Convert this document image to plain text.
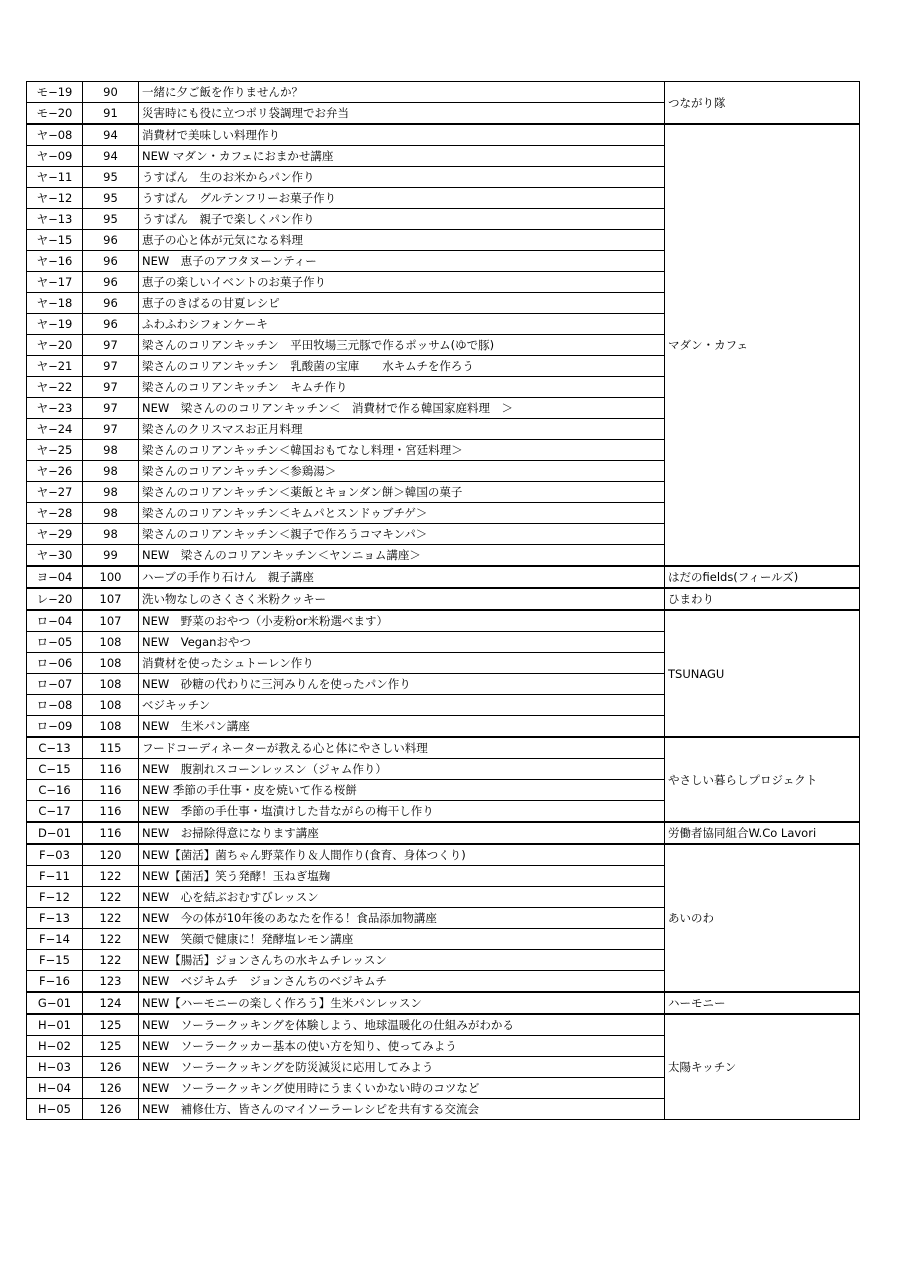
モ−19	90	一緒に夕ご飯を作りませんか？	つながり隊
モ−20	91	災害時にも役に立つポリ袋調理でお弁当	
ヤ−08	94	消費材で美味しい料理作り	マダン・カフェ
ヤ−09	94	NEW マダン・カフェにおまかせ講座	
ヤ−11	95	うすぱん　生のお米からパン作り	
ヤ−12	95	うすぱん　グルテンフリーお菓子作り	
ヤ−13	95	うすぱん　親子で楽しくパン作り	
ヤ−15	96	恵子の心と体が元気になる料理	
ヤ−16	96	NEW　恵子のアフタヌーンティー	
ヤ−17	96	恵子の楽しいイベントのお菓子作り	
ヤ−18	96	恵子のきぱるの甘夏レシピ	
ヤ−19	96	ふわふわシフォンケーキ	
ヤ−20	97	梁さんのコリアンキッチン　平田牧場三元豚で作るポッサム(ゆで豚)	
ヤ−21	97	梁さんのコリアンキッチン　乳酸菌の宝庫　　水キムチを作ろう	
ヤ−22	97	梁さんのコリアンキッチン　キムチ作り	
ヤ−23	97	NEW　梁さんののコリアンキッチン＜　消費材で作る韓国家庭料理　＞	
ヤ−24	97	梁さんのクリスマスお正月料理	
ヤ−25	98	梁さんのコリアンキッチン＜韓国おもてなし料理・宮廷料理＞	
ヤ−26	98	梁さんのコリアンキッチン＜参鶏湯＞	
ヤ−27	98	梁さんのコリアンキッチン＜薬飯とキョンダン餅＞韓国の菓子	
ヤ−28	98	梁さんのコリアンキッチン＜キムパとスンドゥブチゲ＞	
ヤ−29	98	梁さんのコリアンキッチン＜親子で作ろうコマキンパ＞	
ヤ−30	99	NEW　梁さんのコリアンキッチン＜ヤンニョム講座＞	
ヨ−04	100	ハーブの手作り石けん　親子講座	はだのfields(フィールズ)
レ−20	107	洗い物なしのさくさく米粉クッキー	ひまわり
ロ−04	107	NEW　野菜のおやつ（小麦粉or米粉選べます）	TSUNAGU
ロ−05	108	NEW　Veganおやつ	
ロ−06	108	消費材を使ったシュトーレン作り	
ロ−07	108	NEW　砂糖の代わりに三河みりんを使ったパン作り	
ロ−08	108	ベジキッチン	
ロ−09	108	NEW　生米パン講座	
C−13	115	フードコーディネーターが教える心と体にやさしい料理	やさしい暮らしプロジェクト
C−15	116	NEW　腹割れスコーンレッスン（ジャム作り）	
C−16	116	NEW 季節の手仕事・皮を焼いて作る桜餅	
C−17	116	NEW　季節の手仕事・塩漬けした昔ながらの梅干し作り	
D−01	116	NEW　お掃除得意になります講座	労働者協同組合W.Co Lavori
F−03	120	NEW【菌活】菌ちゃん野菜作り＆人間作り(食育、身体つくり)	あいのわ
F−11	122	NEW【菌活】笑う発酵！玉ねぎ塩麹	
F−12	122	NEW　心を結ぶおむすびレッスン	
F−13	122	NEW　今の体が10年後のあなたを作る！食品添加物講座	
F−14	122	NEW　笑顔で健康に！発酵塩レモン講座	
F−15	122	NEW【腸活】ジョンさんちの水キムチレッスン	
F−16	123	NEW　ベジキムチ　ジョンさんちのベジキムチ	
G−01	124	NEW【ハーモニーの楽しく作ろう】生米パンレッスン	ハーモニー
H−01	125	NEW　ソーラークッキングを体験しよう、地球温暖化の仕組みがわかる	太陽キッチン
H−02	125	NEW　ソーラークッカー基本の使い方を知り、使ってみよう	
H−03	126	NEW　ソーラークッキングを防災減災に応用してみよう	
H−04	126	NEW　ソーラークッキング使用時にうまくいかない時のコツなど	
H−05	126	NEW　補修仕方、皆さんのマイソーラーレシピを共有する交流会	
